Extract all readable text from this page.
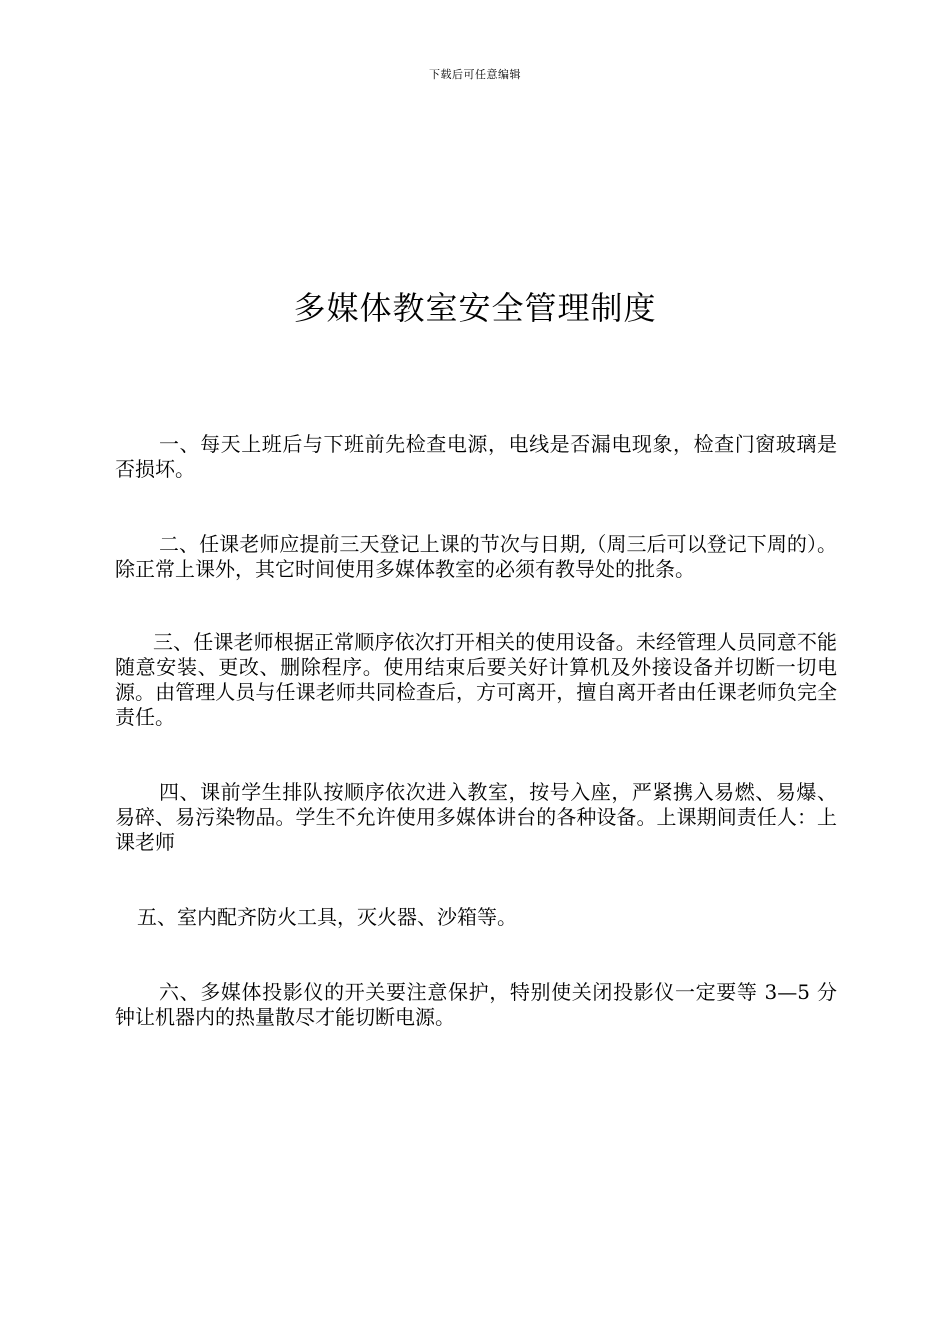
下载后可任意编辑
多媒体教室安全管理制度

一、每天上班后与下班前先检查电源，电线是否漏电现象，检查门窗玻璃是否损坏。

二、任课老师应提前三天登记上课的节次与日期,（周三后可以登记下周的）。除正常上课外，其它时间使用多媒体教室的必须有教导处的批条。

三、任课老师根据正常顺序依次打开相关的使用设备。未经管理人员同意不能随意安装、更改、删除程序。使用结束后要关好计算机及外接设备并切断一切电源。由管理人员与任课老师共同检查后，方可离开，擅自离开者由任课老师负完全责任。

四、课前学生排队按顺序依次进入教室，按号入座，严紧携入易燃、易爆、易碎、易污染物品。学生不允许使用多媒体讲台的各种设备。上课期间责任人：上课老师

五、室内配齐防火工具，灭火器、沙箱等。

六、多媒体投影仪的开关要注意保护，特别使关闭投影仪一定要等 3—5 分钟让机器内的热量散尽才能切断电源。
